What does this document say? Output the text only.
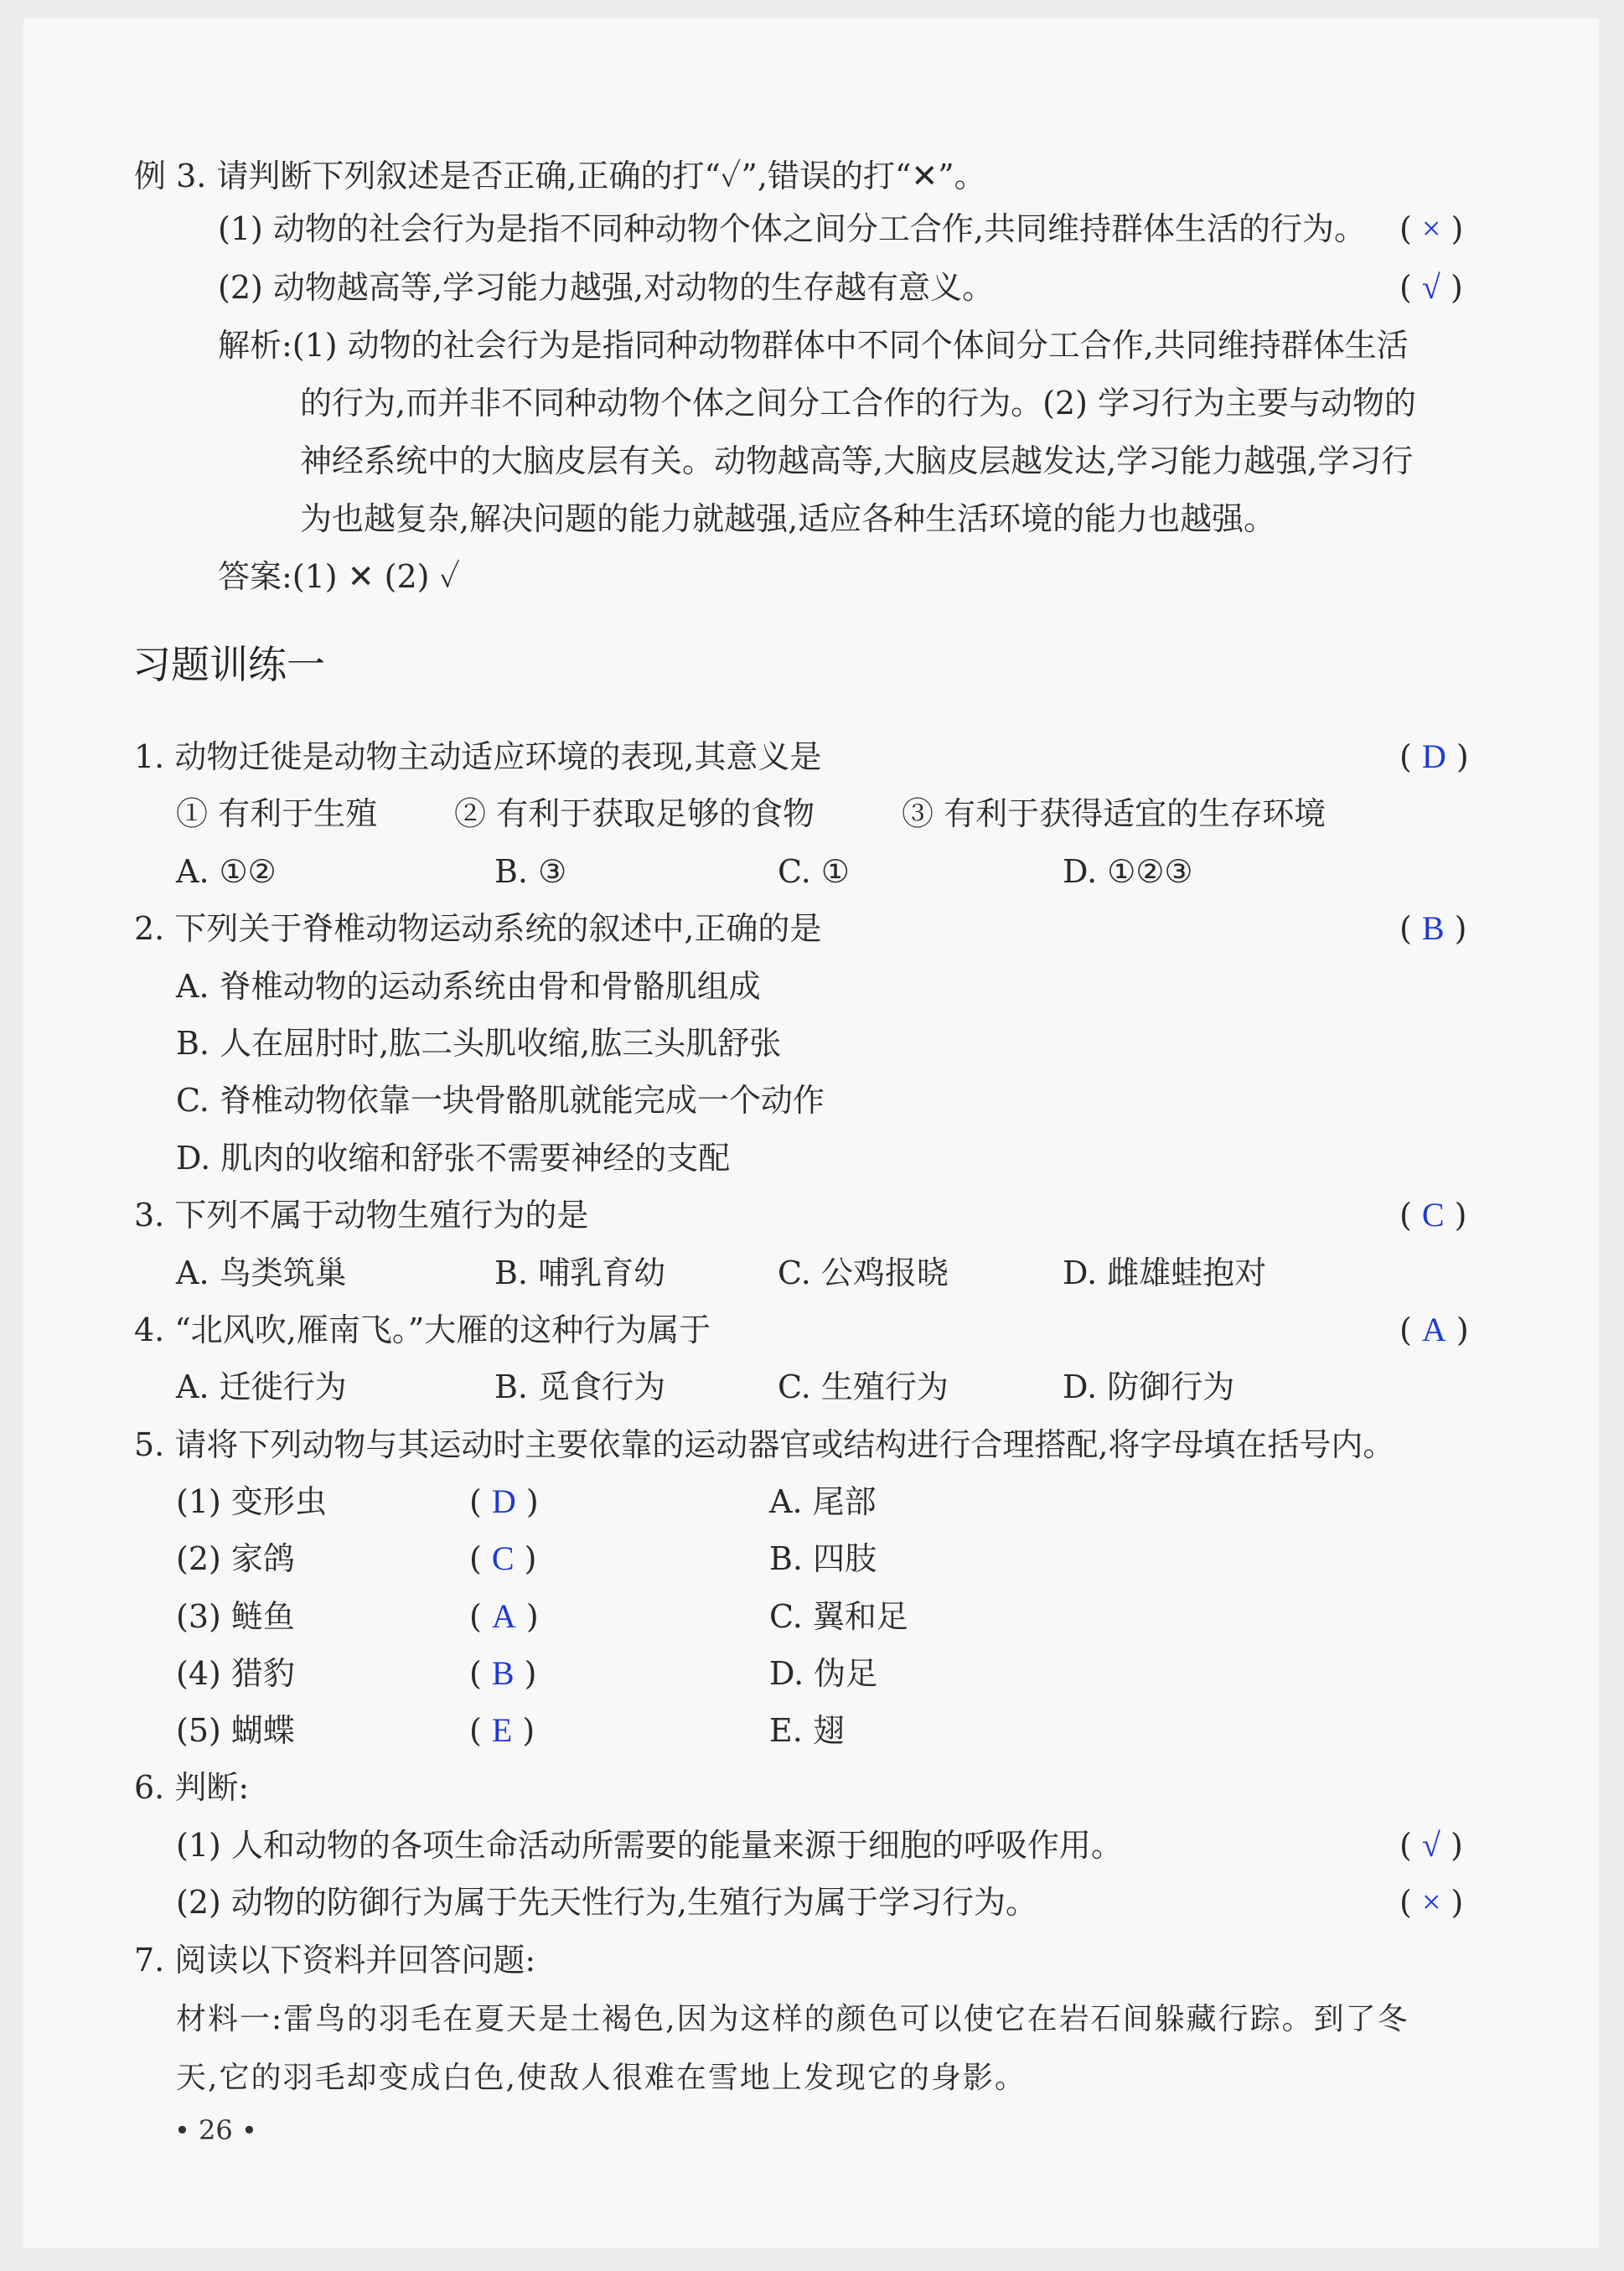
例 3. 请判断下列叙述是否正确,正确的打“✓”,错误的打“✕”。
(1) 动物的社会行为是指不同种动物个体之间分工合作,共同维持群体生活的行为。 ( × )
(2) 动物越高等,学习能力越强,对动物的生存越有意义。	( √ )
解析:(1) 动物的社会行为是指同种动物群体中不同个体间分工合作,共同维持群体生活
的行为,而并非不同种动物个体之间分工合作的行为。(2) 学习行为主要与动物的
神经系统中的大脑皮层有关。动物越高等,大脑皮层越发达,学习能力越强,学习行
为也越复杂,解决问题的能力就越强,适应各种生活环境的能力也越强。
答案:(1) ✕ (2) ✓
习题训练一
1. 动物迁徙是动物主动适应环境的表现,其意义是	( D )
① 有利于生殖 ② 有利于获取足够的食物	③ 有利于获得适宜的生存环境
A. ①②	B. ③	C. ①	D. ①②③
2. 下列关于脊椎动物运动系统的叙述中,正确的是	( B )
A. 脊椎动物的运动系统由骨和骨骼肌组成
B. 人在屈肘时,肱二头肌收缩,肱三头肌舒张
C. 脊椎动物依靠一块骨骼肌就能完成一个动作
D. 肌肉的收缩和舒张不需要神经的支配
3. 下列不属于动物生殖行为的是	( C )
A. 鸟类筑巢	B. 哺乳育幼	C. 公鸡报晓	D. 雌雄蛙抱对
4. “北风吹,雁南飞。”大雁的这种行为属于	( A )
A. 迁徙行为	B. 觅食行为	C. 生殖行为	D. 防御行为
5. 请将下列动物与其运动时主要依靠的运动器官或结构进行合理搭配,将字母填在括号内。
(1) 变形虫	( D )	A. 尾部
(2) 家鸽	( C )	B. 四肢
(3) 鲢鱼	( A )	C. 翼和足
(4) 猎豹	( B )	D. 伪足
(5) 蝴蝶	( E )	E. 翅
6. 判断:
(1) 人和动物的各项生命活动所需要的能量来源于细胞的呼吸作用。	( √ )
(2) 动物的防御行为属于先天性行为,生殖行为属于学习行为。	( × )
7. 阅读以下资料并回答问题:
材料一:雷鸟的羽毛在夏天是土褐色,因为这样的颜色可以使它在岩石间躲藏行踪。到了冬
天,它的羽毛却变成白色,使敌人很难在雪地上发现它的身影。
• 26 •
